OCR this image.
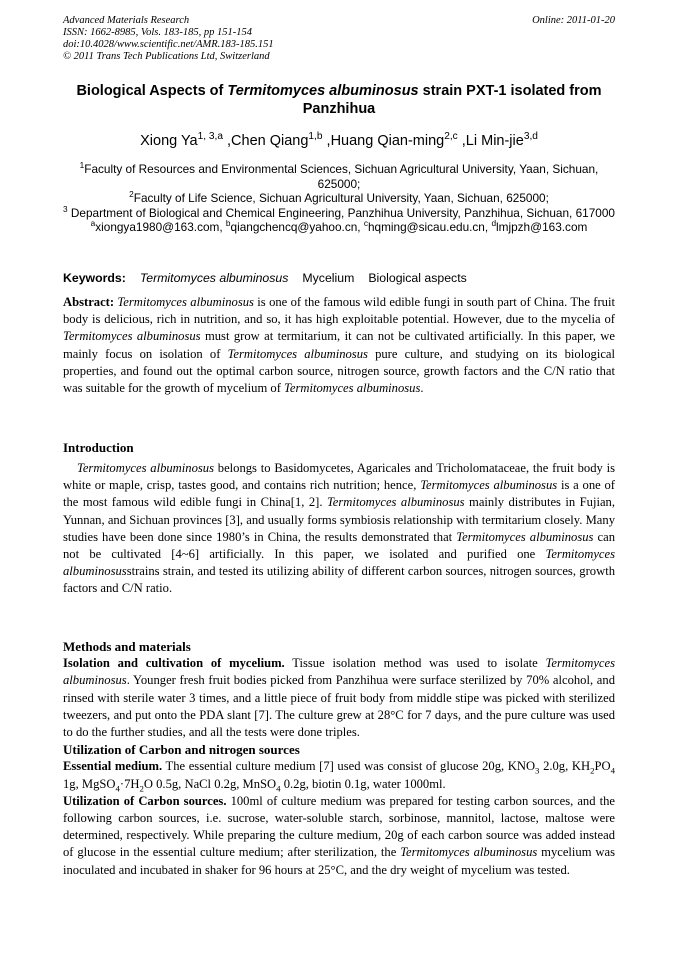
Advanced Materials Research
ISSN: 1662-8985, Vols. 183-185, pp 151-154
doi:10.4028/www.scientific.net/AMR.183-185.151
© 2011 Trans Tech Publications Ltd, Switzerland
Online: 2011-01-20
Biological Aspects of Termitomyces albuminosus strain PXT-1 isolated from Panzhihua
Xiong Ya$^{1, 3,a}$ ,Chen Qiang$^{1,b}$ ,Huang Qian-ming$^{2,c}$ ,Li Min-jie$^{3,d}$
$^1$Faculty of Resources and Environmental Sciences, Sichuan Agricultural University, Yaan, Sichuan, 625000;
$^2$Faculty of Life Science, Sichuan Agricultural University, Yaan, Sichuan, 625000;
$^3$ Department of Biological and Chemical Engineering, Panzhihua University, Panzhihua, Sichuan, 617000
$^a$xiongya1980@163.com, $^b$qiangchencq@yahoo.cn, $^c$hqming@sicau.edu.cn, $^d$lmjpzh@163.com
Keywords: Termitomyces albuminosus Mycelium Biological aspects
Abstract: Termitomyces albuminosus is one of the famous wild edible fungi in south part of China. The fruit body is delicious, rich in nutrition, and so, it has high exploitable potential. However, due to the mycelia of Termitomyces albuminosus must grow at termitarium, it can not be cultivated artificially. In this paper, we mainly focus on isolation of Termitomyces albuminosus pure culture, and studying on its biological properties, and found out the optimal carbon source, nitrogen source, growth factors and the C/N ratio that was suitable for the growth of mycelium of Termitomyces albuminosus.
Introduction

Termitomyces albuminosus belongs to Basidomycetes, Agaricales and Tricholomataceae, the fruit body is white or maple, crisp, tastes good, and contains rich nutrition; hence, Termitomyces albuminosus is a one of the most famous wild edible fungi in China[1, 2]. Termitomyces albuminosus mainly distributes in Fujian, Yunnan, and Sichuan provinces [3], and usually forms symbiosis relationship with termitarium closely. Many studies have been done since 1980’s in China, the results demonstrated that Termitomyces albuminosus can not be cultivated [4~6] artificially. In this paper, we isolated and purified one Termitomyces albuminosusstrains strain, and tested its utilizing ability of different carbon sources, nitrogen sources, growth factors and C/N ratio.

Methods and materials

Isolation and cultivation of mycelium. Tissue isolation method was used to isolate Termitomyces albuminosus. Younger fresh fruit bodies picked from Panzhihua were surface sterilized by 70% alcohol, and rinsed with sterile water 3 times, and a little piece of fruit body from middle stipe was picked with sterilized tweezers, and put onto the PDA slant [7]. The culture grew at 28°C for 7 days, and the pure culture was used to do the further studies, and all the tests were done triples.

Utilization of Carbon and nitrogen sources

Essential medium. The essential culture medium [7] used was consist of glucose 20g, $KNO_3$ 2.0g, $KH_2PO_4$ 1g, $MgSO_4\cdot 7H_2O$ 0.5g, NaCl 0.2g, MnSO$_4$ 0.2g, biotin 0.1g, water 1000ml.

Utilization of Carbon sources. 100ml of culture medium was prepared for testing carbon sources, and the following carbon sources, i.e. sucrose, water-soluble starch, sorbinose, mannitol, lactose, maltose were determined, respectively. While preparing the culture medium, 20g of each carbon source was added instead of glucose in the essential culture medium; after sterilization, the Termitomyces albuminosus mycelium was inoculated and incubated in shaker for 96 hours at 25°C, and the dry weight of mycelium was tested.
